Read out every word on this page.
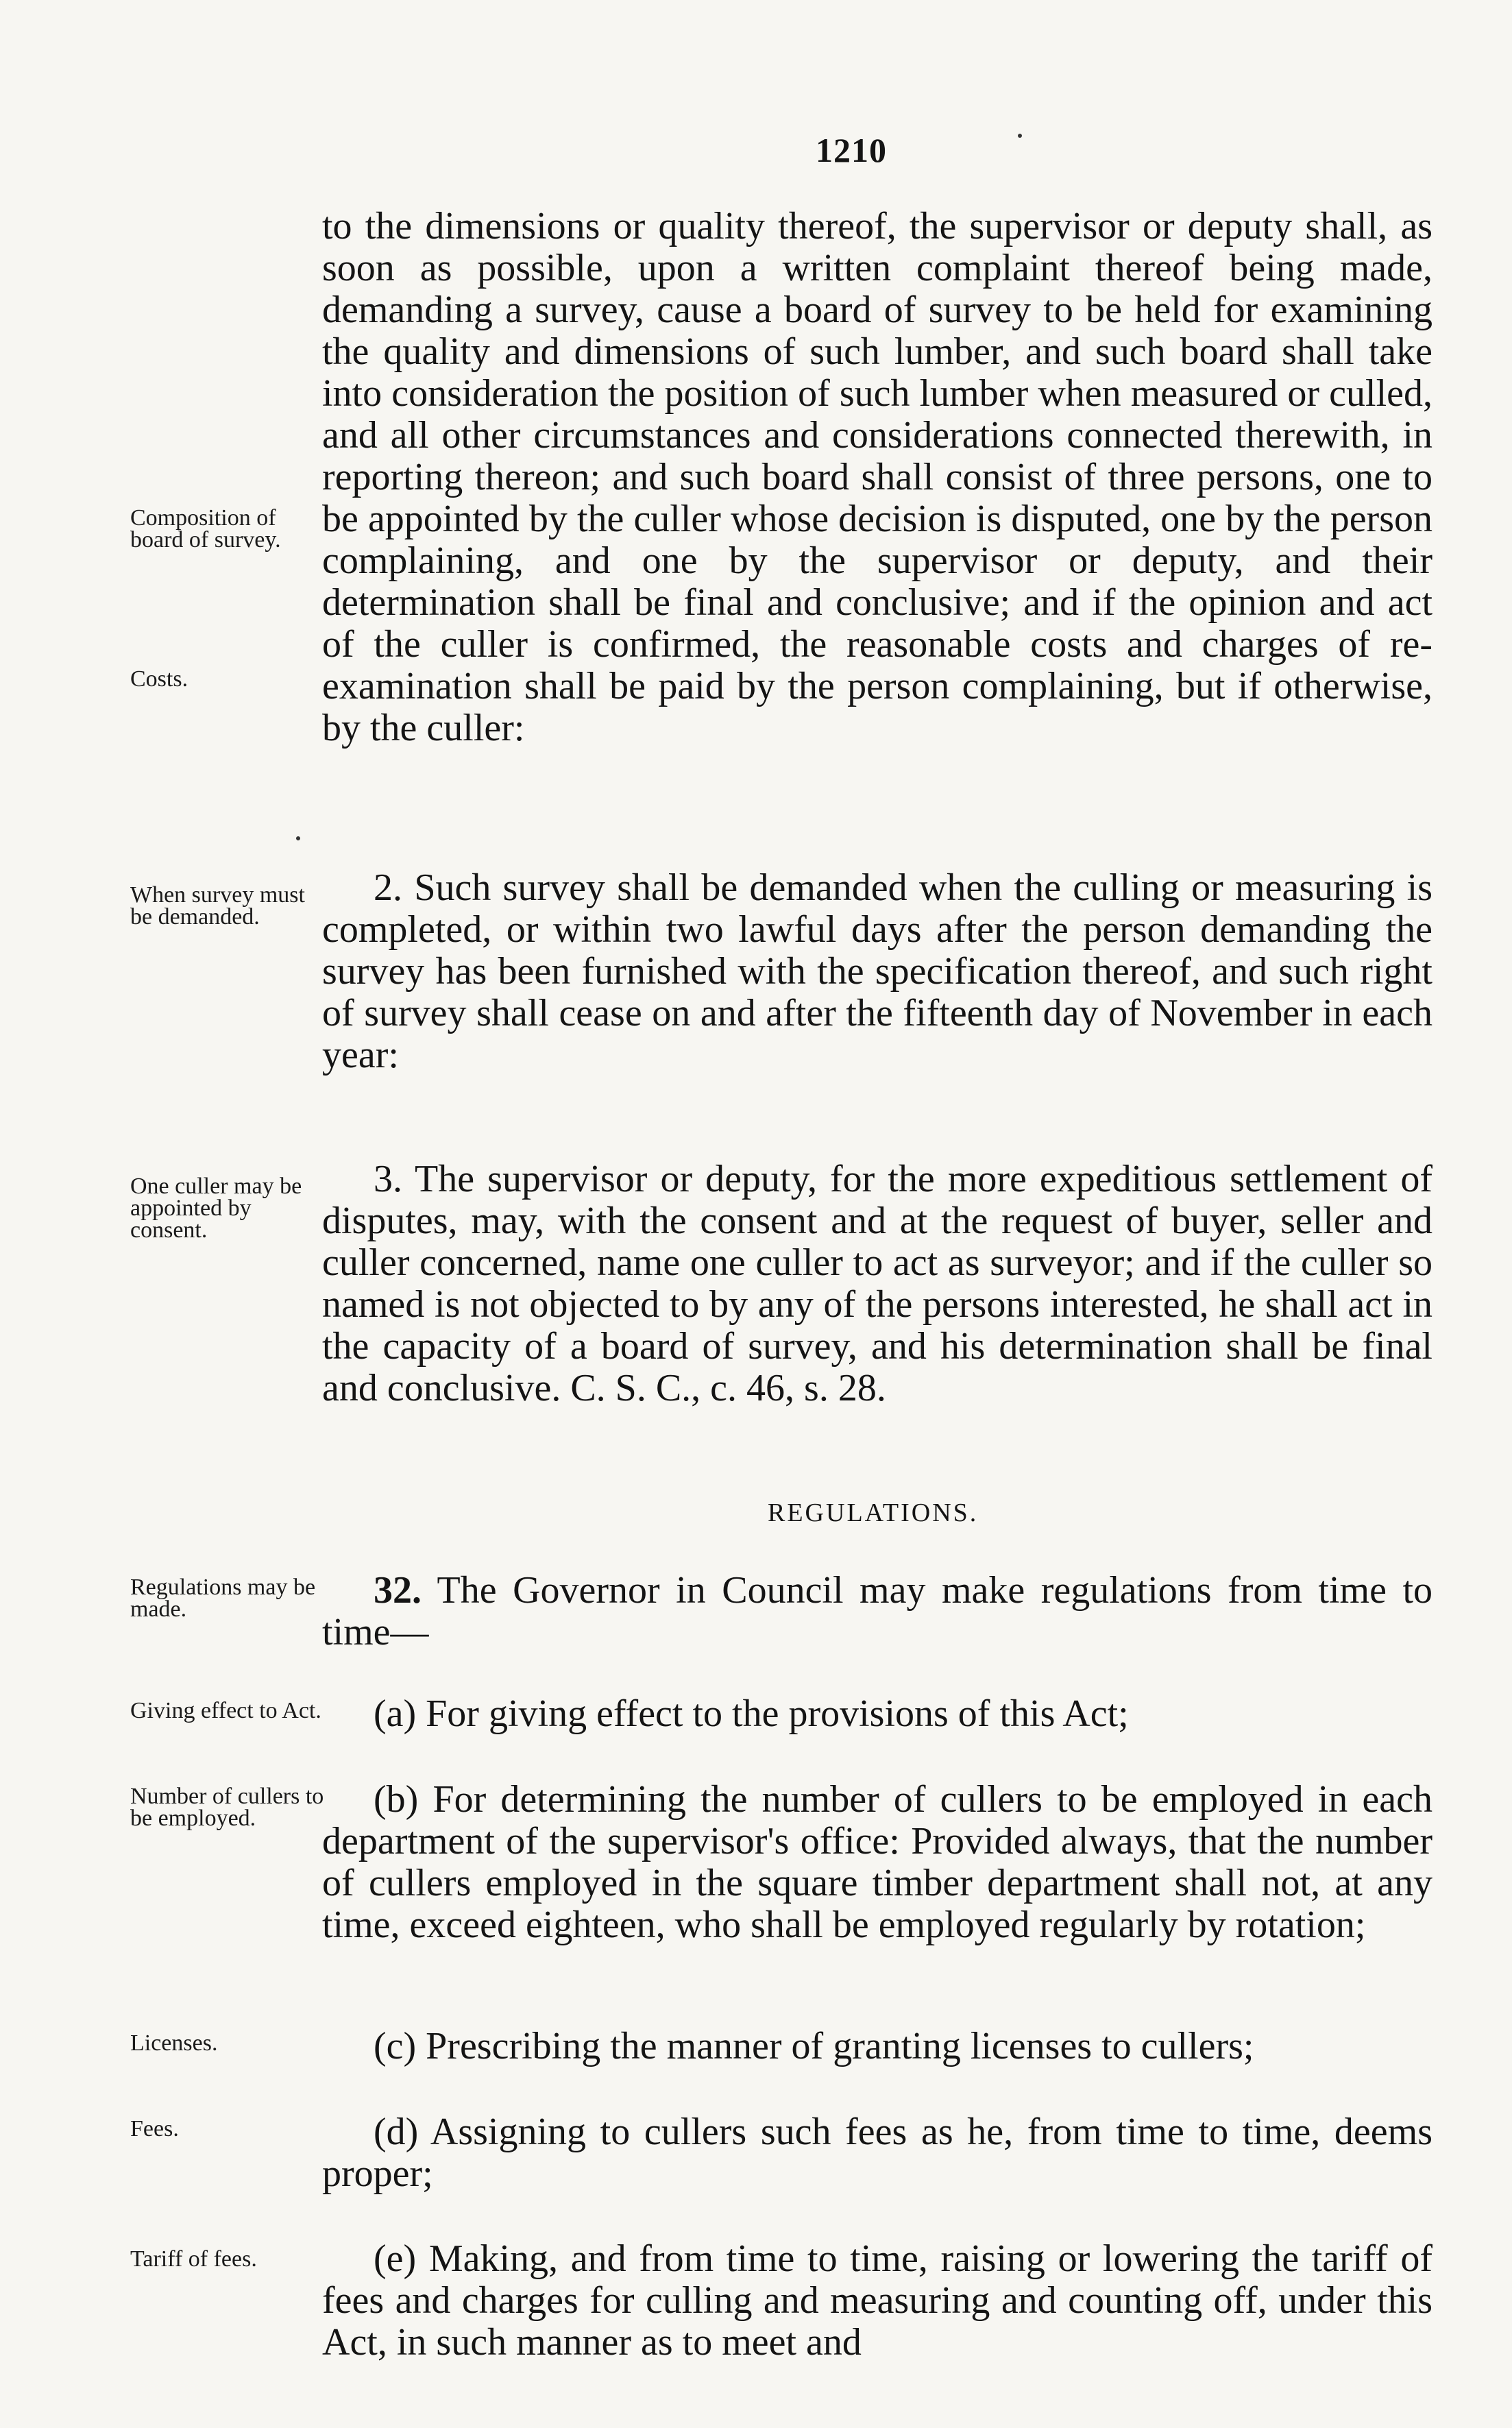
1210
to the dimensions or quality thereof, the supervisor or deputy shall, as soon as possible, upon a written complaint thereof being made, demanding a survey, cause a board of survey to be held for examining the quality and dimensions of such lumber, and such board shall take into consideration the position of such lumber when measured or culled, and all other circumstances and considerations connected therewith, in reporting thereon; and such board shall consist of three persons, one to be appointed by the culler whose decision is disputed, one by the person complaining, and one by the supervisor or deputy, and their determination shall be final and conclusive; and if the opinion and act of the culler is confirmed, the reasonable costs and charges of re-examination shall be paid by the person complaining, but if otherwise, by the culler:
Composition of board of survey.
Costs.
2. Such survey shall be demanded when the culling or measuring is completed, or within two lawful days after the person demanding the survey has been furnished with the specification thereof, and such right of survey shall cease on and after the fifteenth day of November in each year:
When survey must be demanded.
3. The supervisor or deputy, for the more expeditious settlement of disputes, may, with the consent and at the request of buyer, seller and culler concerned, name one culler to act as surveyor; and if the culler so named is not objected to by any of the persons interested, he shall act in the capacity of a board of survey, and his determination shall be final and conclusive. C. S. C., c. 46, s. 28.
One culler may be appointed by consent.
REGULATIONS.
32. The Governor in Council may make regulations from time to time—
Regulations may be made.
(a) For giving effect to the provisions of this Act;
Giving effect to Act.
(b) For determining the number of cullers to be employed in each department of the supervisor's office: Provided always, that the number of cullers employed in the square timber department shall not, at any time, exceed eighteen, who shall be employed regularly by rotation;
Number of cullers to be employed.
(c) Prescribing the manner of granting licenses to cullers;
Licenses.
(d) Assigning to cullers such fees as he, from time to time, deems proper;
Fees.
(e) Making, and from time to time, raising or lowering the tariff of fees and charges for culling and measuring and counting off, under this Act, in such manner as to meet and
Tariff of fees.
